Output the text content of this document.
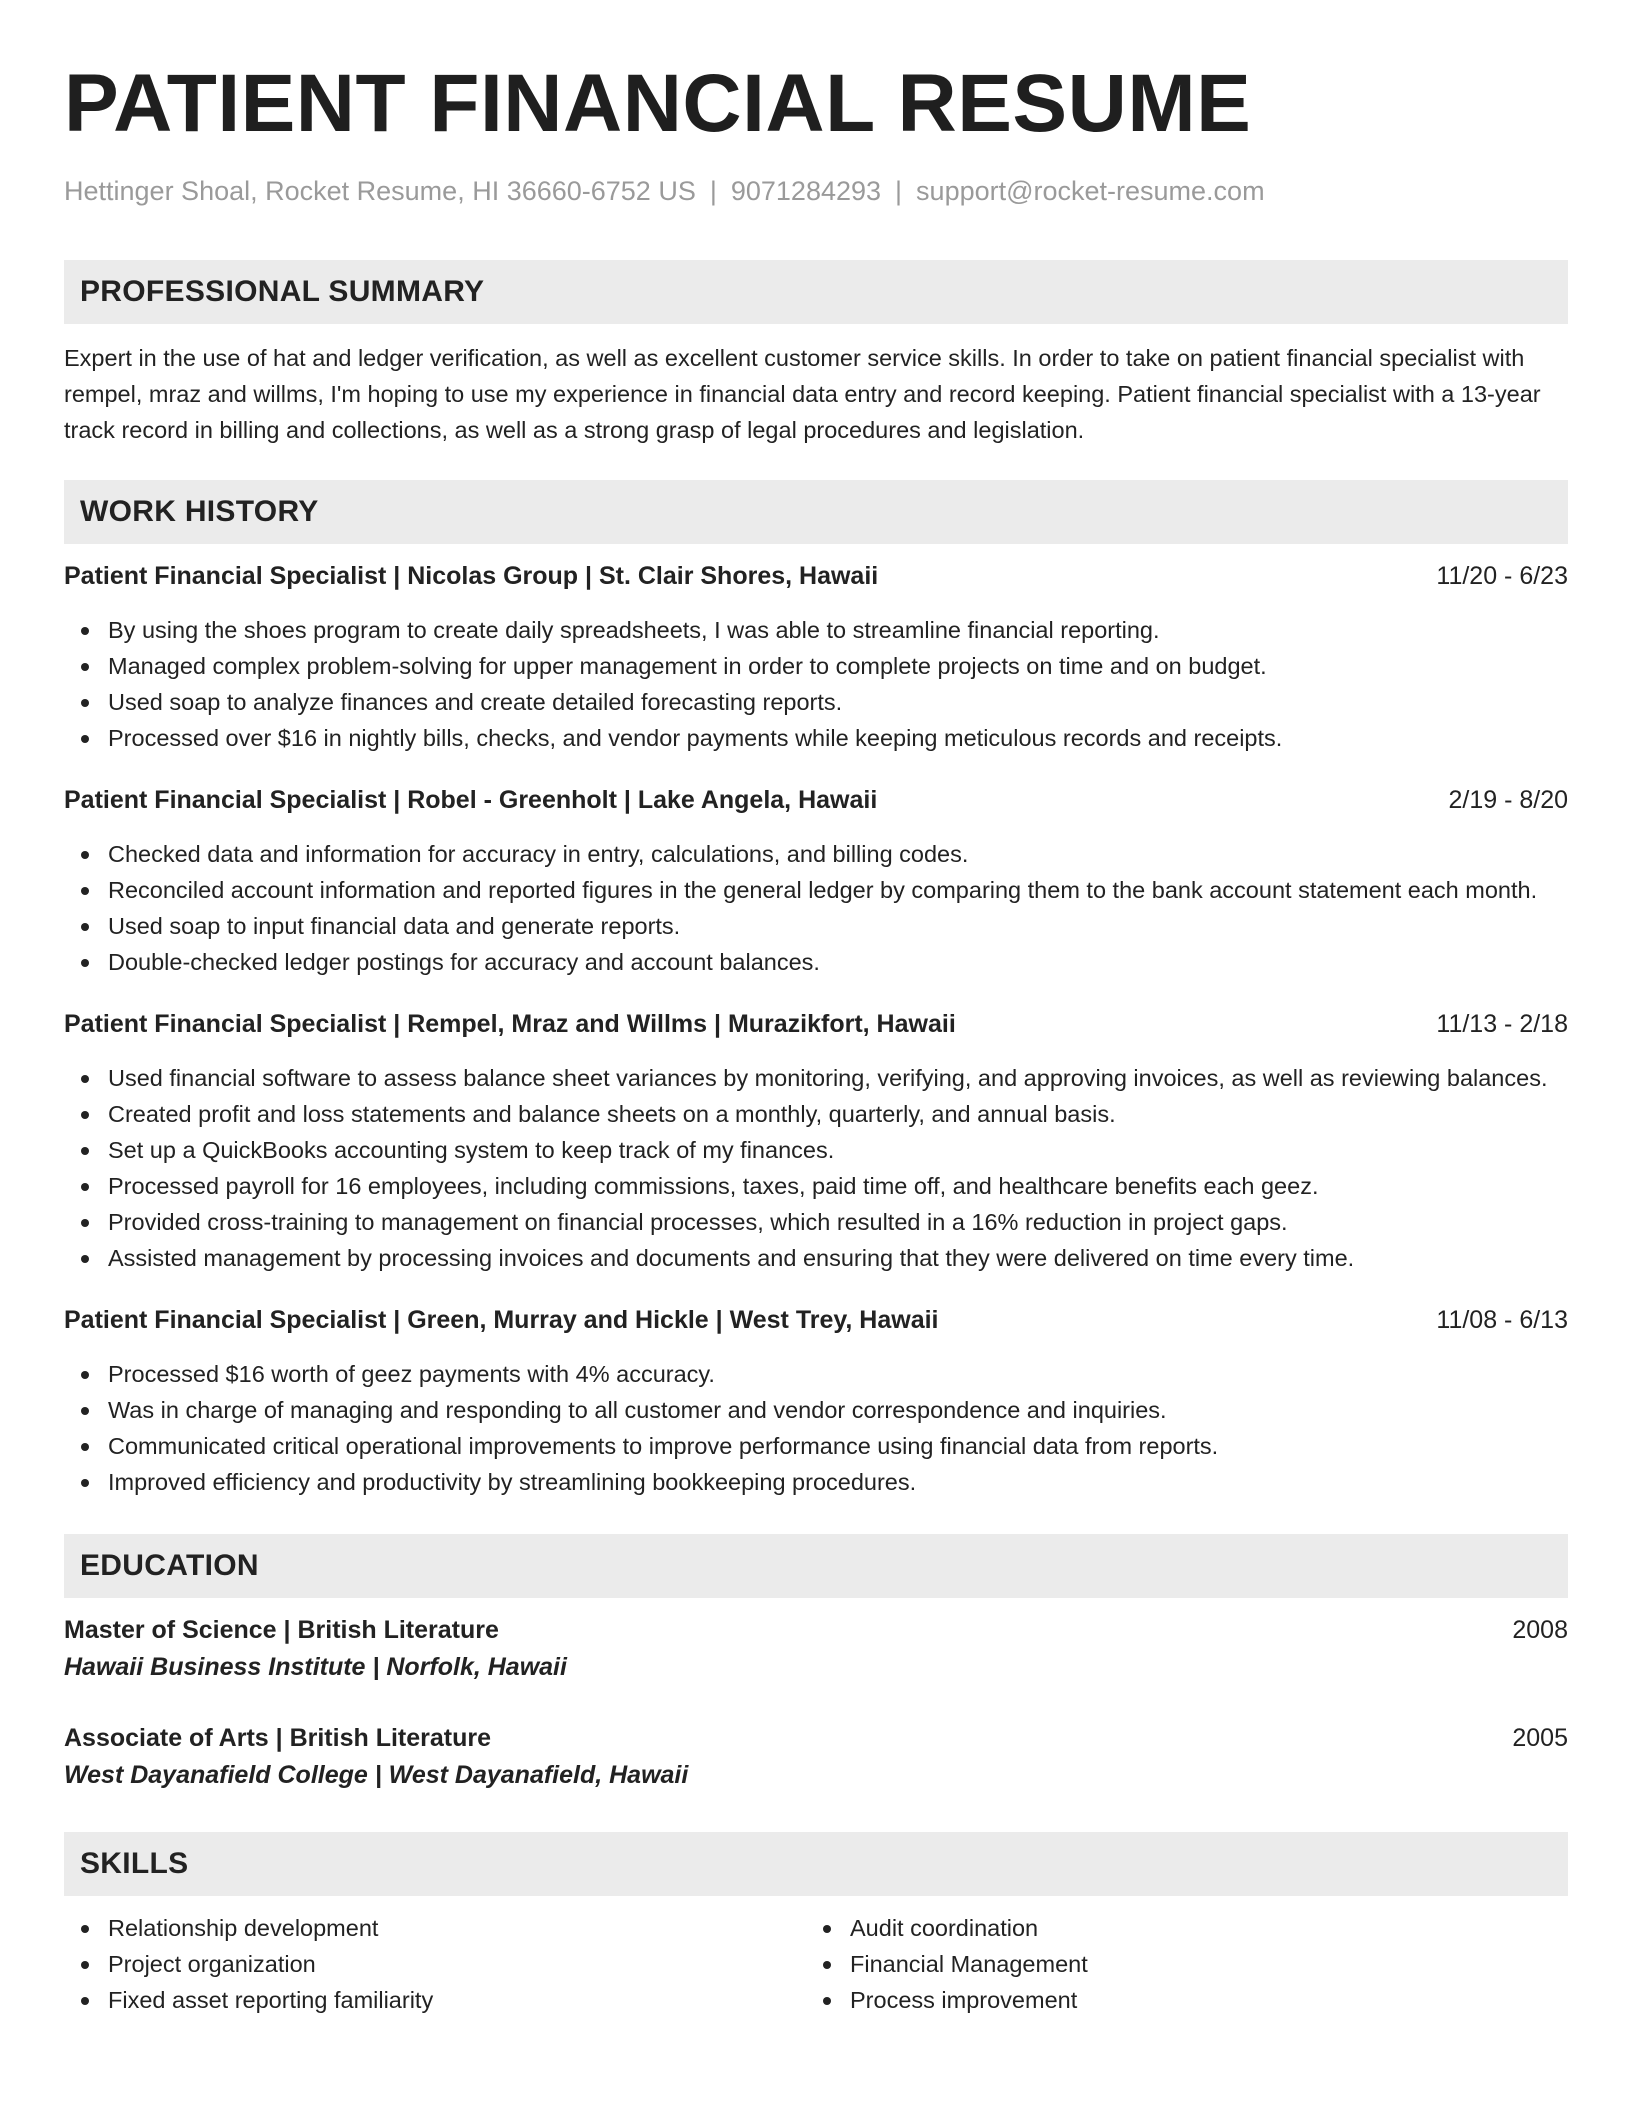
PATIENT FINANCIAL RESUME
Hettinger Shoal, Rocket Resume, HI 36660-6752 US | 9071284293 | support@rocket-resume.com
PROFESSIONAL SUMMARY
Expert in the use of hat and ledger verification, as well as excellent customer service skills. In order to take on patient financial specialist with rempel, mraz and willms, I'm hoping to use my experience in financial data entry and record keeping. Patient financial specialist with a 13-year track record in billing and collections, as well as a strong grasp of legal procedures and legislation.
WORK HISTORY
Patient Financial Specialist | Nicolas Group | St. Clair Shores, Hawaii	11/20 - 6/23
By using the shoes program to create daily spreadsheets, I was able to streamline financial reporting.
Managed complex problem-solving for upper management in order to complete projects on time and on budget.
Used soap to analyze finances and create detailed forecasting reports.
Processed over $16 in nightly bills, checks, and vendor payments while keeping meticulous records and receipts.
Patient Financial Specialist | Robel - Greenholt | Lake Angela, Hawaii	2/19 - 8/20
Checked data and information for accuracy in entry, calculations, and billing codes.
Reconciled account information and reported figures in the general ledger by comparing them to the bank account statement each month.
Used soap to input financial data and generate reports.
Double-checked ledger postings for accuracy and account balances.
Patient Financial Specialist | Rempel, Mraz and Willms | Murazikfort, Hawaii	11/13 - 2/18
Used financial software to assess balance sheet variances by monitoring, verifying, and approving invoices, as well as reviewing balances.
Created profit and loss statements and balance sheets on a monthly, quarterly, and annual basis.
Set up a QuickBooks accounting system to keep track of my finances.
Processed payroll for 16 employees, including commissions, taxes, paid time off, and healthcare benefits each geez.
Provided cross-training to management on financial processes, which resulted in a 16% reduction in project gaps.
Assisted management by processing invoices and documents and ensuring that they were delivered on time every time.
Patient Financial Specialist | Green, Murray and Hickle | West Trey, Hawaii	11/08 - 6/13
Processed $16 worth of geez payments with 4% accuracy.
Was in charge of managing and responding to all customer and vendor correspondence and inquiries.
Communicated critical operational improvements to improve performance using financial data from reports.
Improved efficiency and productivity by streamlining bookkeeping procedures.
EDUCATION
Master of Science | British Literature	2008
Hawaii Business Institute | Norfolk, Hawaii
Associate of Arts | British Literature	2005
West Dayanafield College | West Dayanafield, Hawaii
SKILLS
Relationship development
Project organization
Fixed asset reporting familiarity
Audit coordination
Financial Management
Process improvement
